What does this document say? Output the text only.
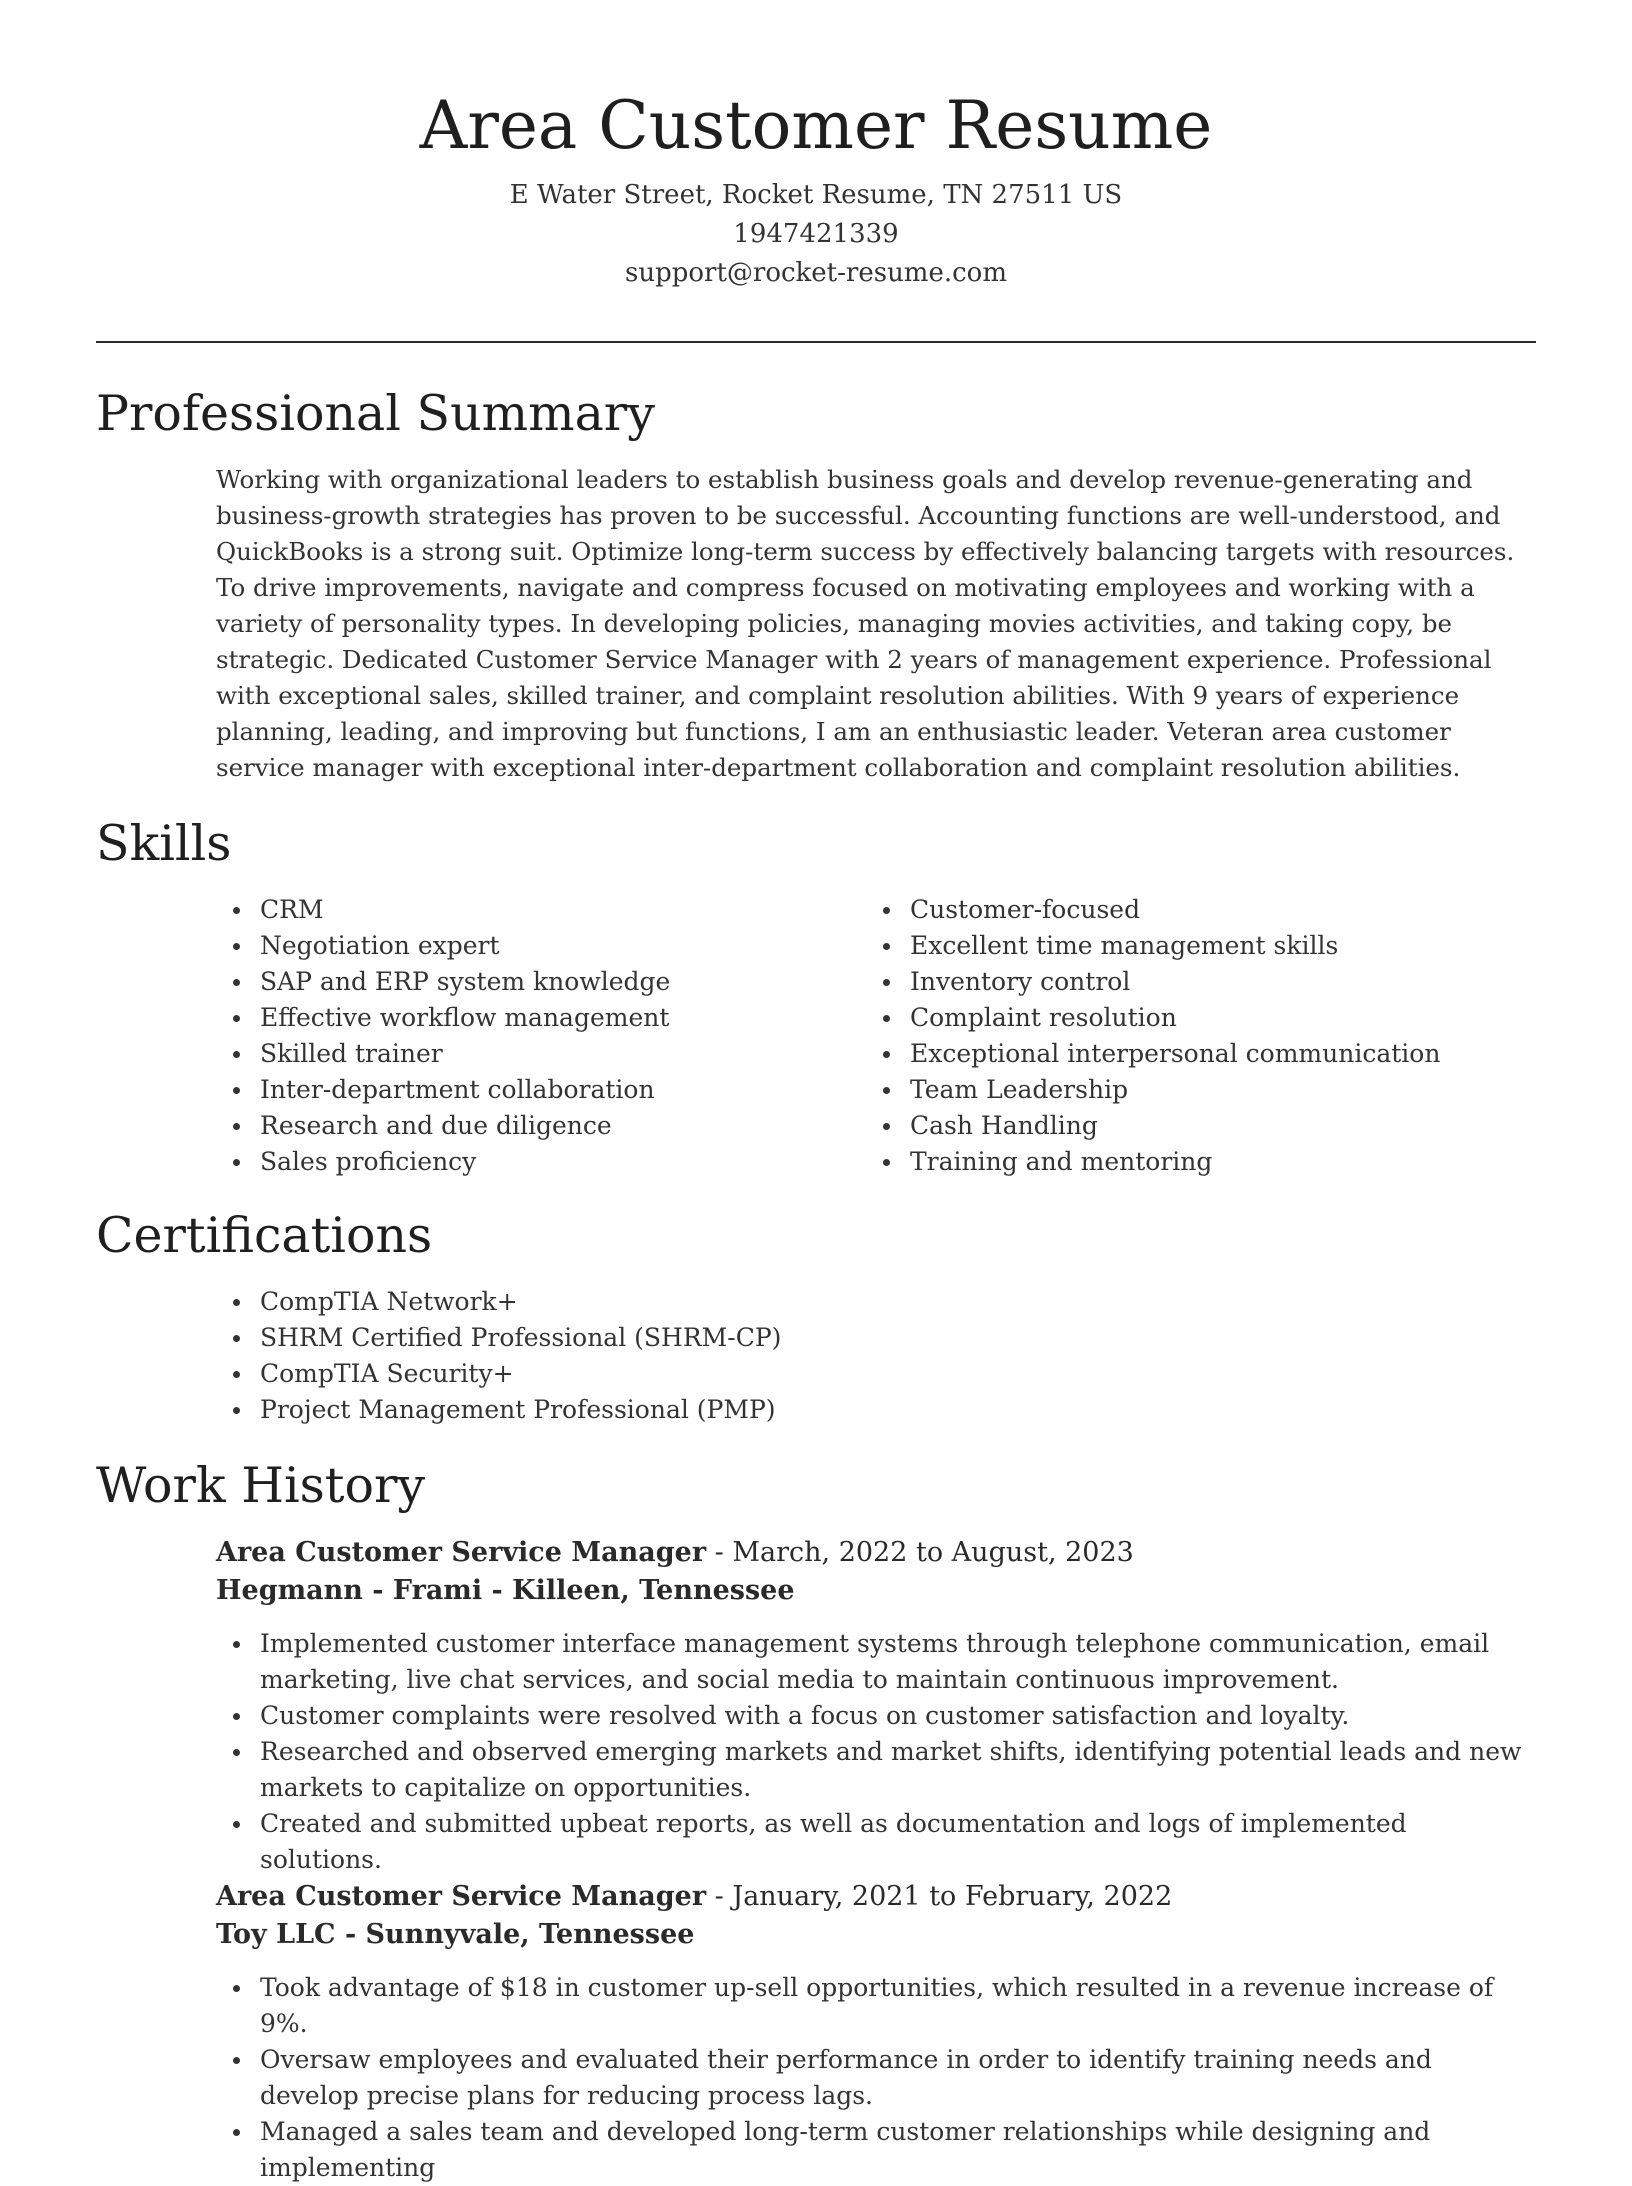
Area Customer Resume
E Water Street, Rocket Resume, TN 27511 US
1947421339
support@rocket-resume.com
Professional Summary

Working with organizational leaders to establish business goals and develop revenue-generating and business-growth strategies has proven to be successful. Accounting functions are well-understood, and QuickBooks is a strong suit. Optimize long-term success by effectively balancing targets with resources. To drive improvements, navigate and compress focused on motivating employees and working with a variety of personality types. In developing policies, managing movies activities, and taking copy, be strategic. Dedicated Customer Service Manager with 2 years of management experience. Professional with exceptional sales, skilled trainer, and complaint resolution abilities. With 9 years of experience planning, leading, and improving but functions, I am an enthusiastic leader. Veteran area customer service manager with exceptional inter-department collaboration and complaint resolution abilities.

Skills
CRM
Negotiation expert
SAP and ERP system knowledge
Effective workflow management
Skilled trainer
Inter-department collaboration
Research and due diligence
Sales proficiency
Customer-focused
Excellent time management skills
Inventory control
Complaint resolution
Exceptional interpersonal communication
Team Leadership
Cash Handling
Training and mentoring
Certifications
CompTIA Network+
SHRM Certified Professional (SHRM-CP)
CompTIA Security+
Project Management Professional (PMP)
Work History
Area Customer Service Manager - March, 2022 to August, 2023
Hegmann - Frami - Killeen, Tennessee
Implemented customer interface management systems through telephone communication, email marketing, live chat services, and social media to maintain continuous improvement.
Customer complaints were resolved with a focus on customer satisfaction and loyalty.
Researched and observed emerging markets and market shifts, identifying potential leads and new markets to capitalize on opportunities.
Created and submitted upbeat reports, as well as documentation and logs of implemented solutions.
Area Customer Service Manager - January, 2021 to February, 2022
Toy LLC - Sunnyvale, Tennessee
Took advantage of $18 in customer up-sell opportunities, which resulted in a revenue increase of 9%.
Oversaw employees and evaluated their performance in order to identify training needs and develop precise plans for reducing process lags.
Managed a sales team and developed long-term customer relationships while designing and implementing
